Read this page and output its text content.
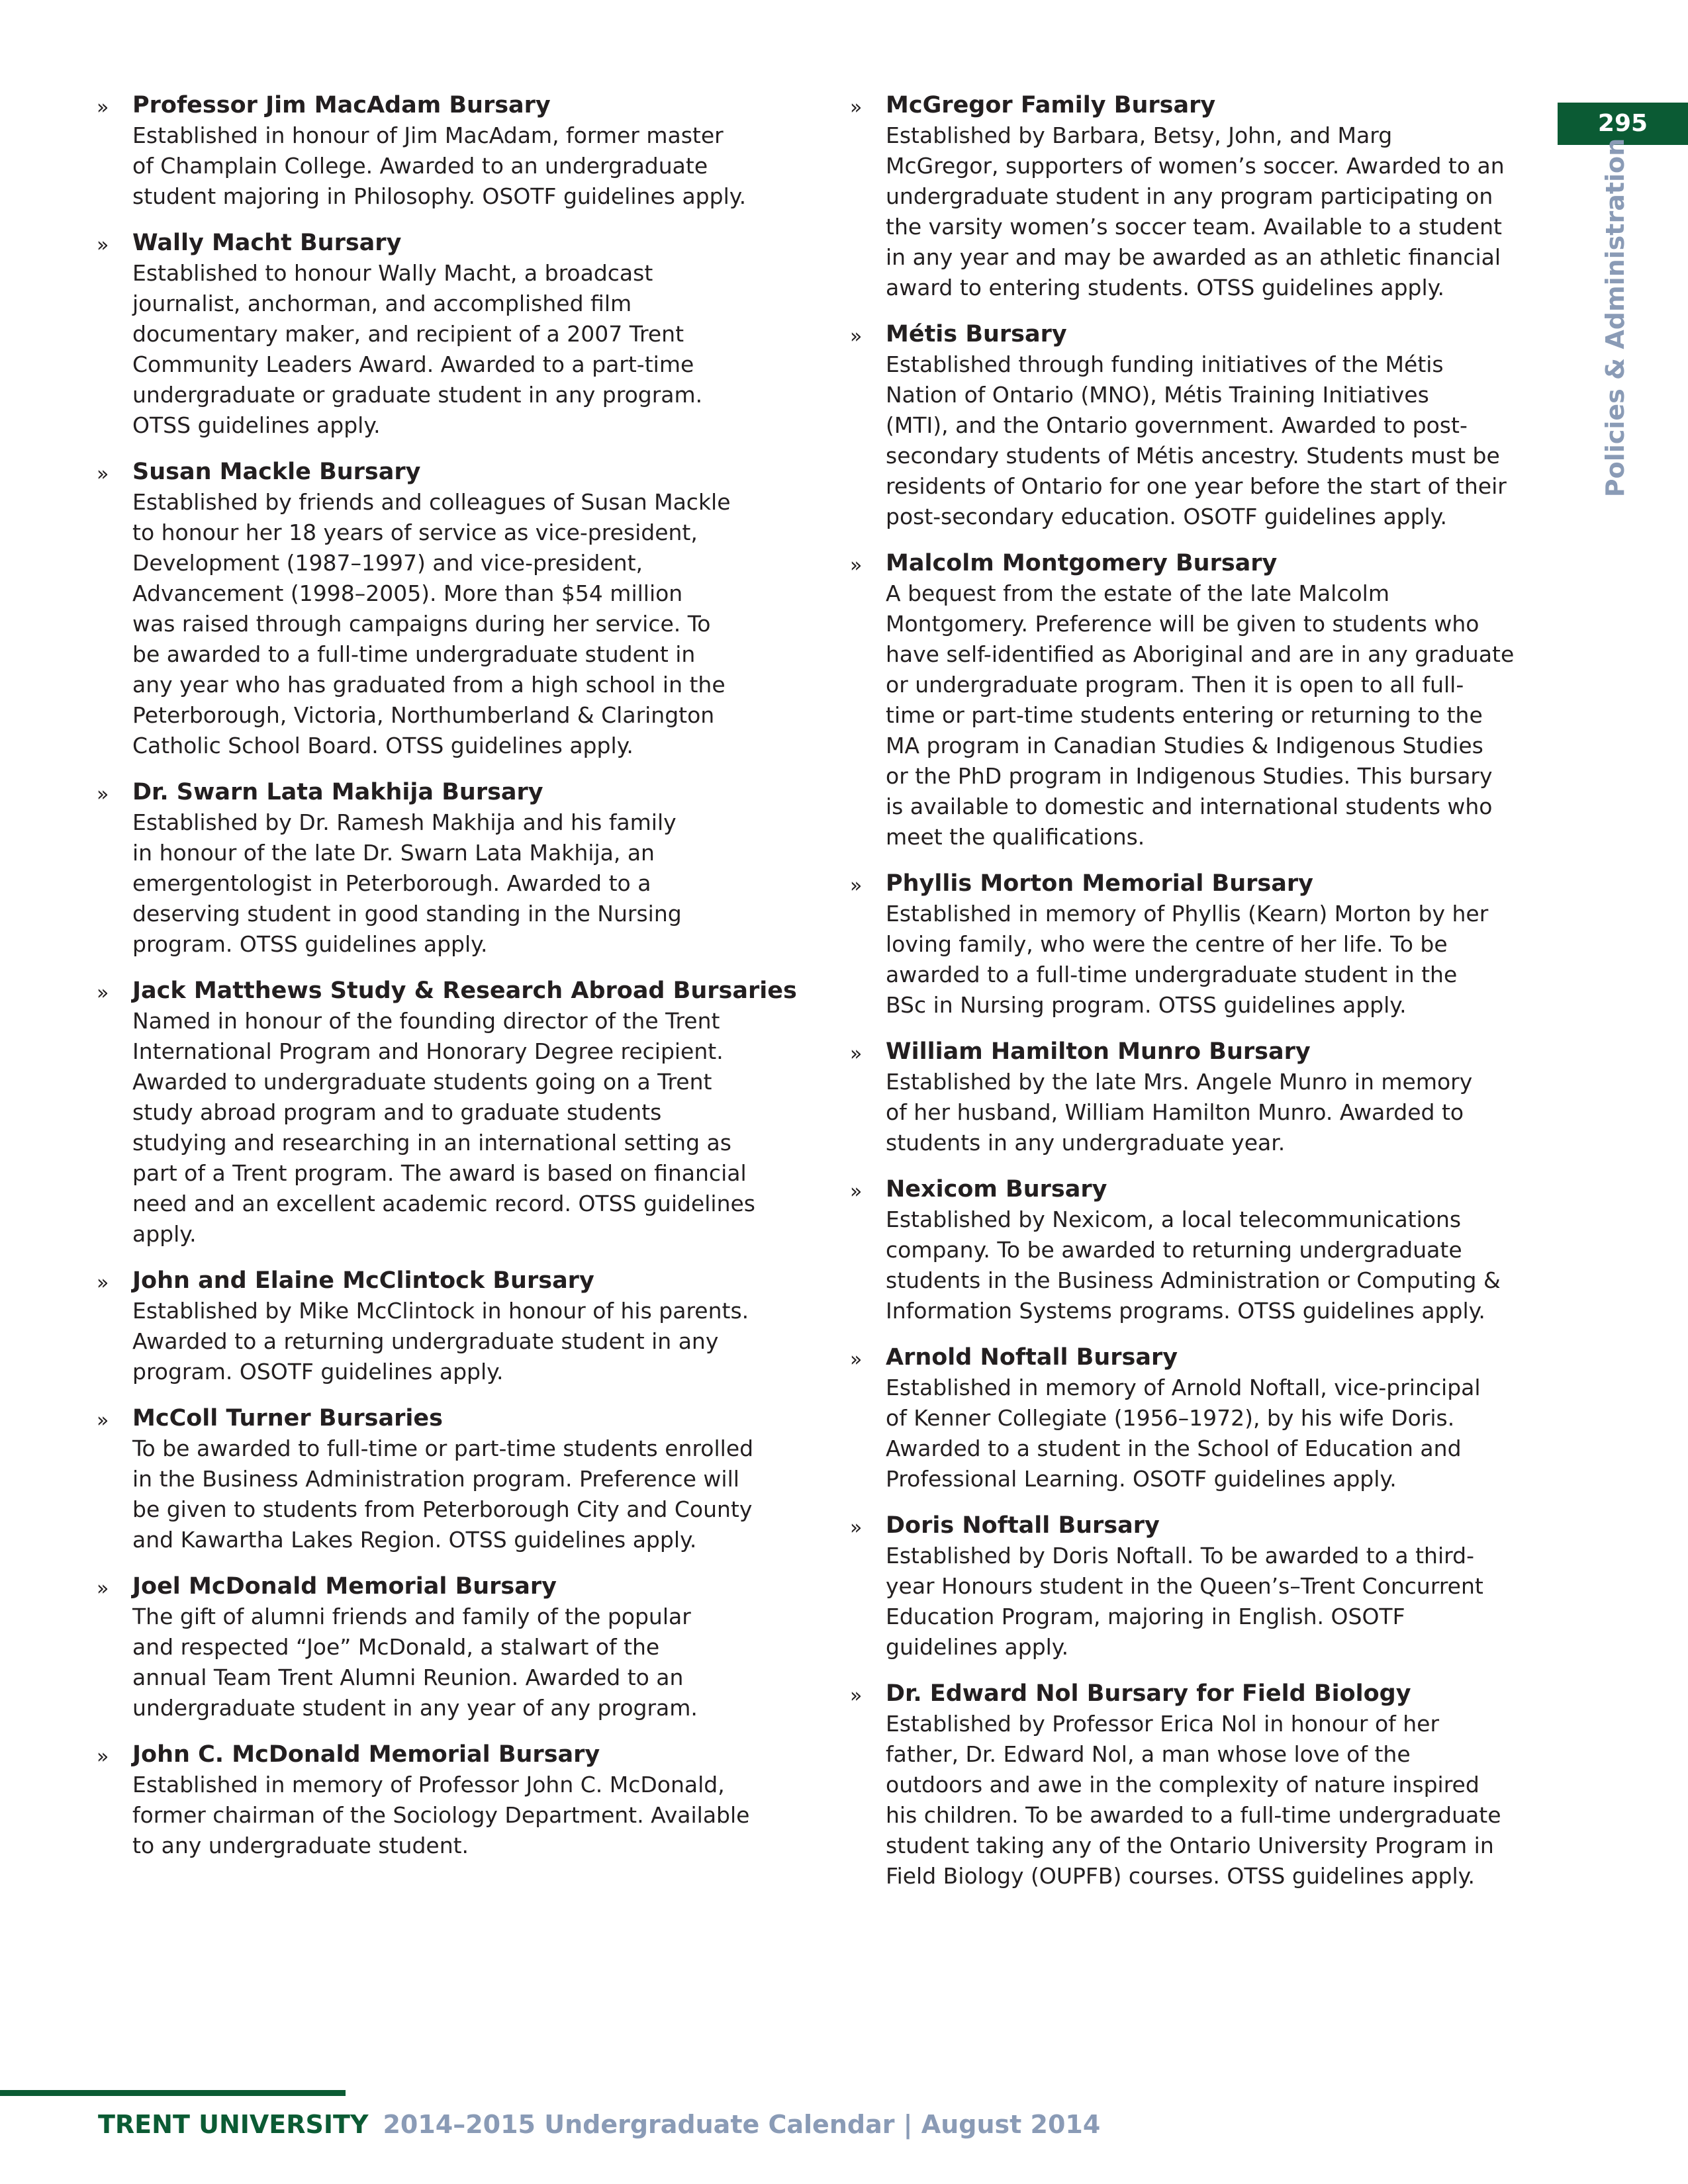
295
Policies & Administration
» Professor Jim MacAdam Bursary
Established in honour of Jim MacAdam, former master
of Champlain College. Awarded to an undergraduate
student majoring in Philosophy. OSOTF guidelines apply.
» Wally Macht Bursary
Established to honour Wally Macht, a broadcast
journalist, anchorman, and accomplished film
documentary maker, and recipient of a 2007 Trent
Community Leaders Award. Awarded to a part-time
undergraduate or graduate student in any program.
OTSS guidelines apply.
» Susan Mackle Bursary
Established by friends and colleagues of Susan Mackle
to honour her 18 years of service as vice-president,
Development (1987–1997) and vice-president,
Advancement (1998–2005). More than $54 million
was raised through campaigns during her service. To
be awarded to a full-time undergraduate student in
any year who has graduated from a high school in the
Peterborough, Victoria, Northumberland & Clarington
Catholic School Board. OTSS guidelines apply.
» Dr. Swarn Lata Makhija Bursary
Established by Dr. Ramesh Makhija and his family
in honour of the late Dr. Swarn Lata Makhija, an
emergentologist in Peterborough. Awarded to a
deserving student in good standing in the Nursing
program. OTSS guidelines apply.
» Jack Matthews Study & Research Abroad Bursaries
Named in honour of the founding director of the Trent
International Program and Honorary Degree recipient.
Awarded to undergraduate students going on a Trent
study abroad program and to graduate students
studying and researching in an international setting as
part of a Trent program. The award is based on financial
need and an excellent academic record. OTSS guidelines
apply.
» John and Elaine McClintock Bursary
Established by Mike McClintock in honour of his parents.
Awarded to a returning undergraduate student in any
program. OSOTF guidelines apply.
» McColl Turner Bursaries
To be awarded to full-time or part-time students enrolled
in the Business Administration program. Preference will
be given to students from Peterborough City and County
and Kawartha Lakes Region. OTSS guidelines apply.
» Joel McDonald Memorial Bursary
The gift of alumni friends and family of the popular
and respected “Joe” McDonald, a stalwart of the
annual Team Trent Alumni Reunion. Awarded to an
undergraduate student in any year of any program.
» John C. McDonald Memorial Bursary
Established in memory of Professor John C. McDonald,
former chairman of the Sociology Department. Available
to any undergraduate student.
» McGregor Family Bursary
Established by Barbara, Betsy, John, and Marg
McGregor, supporters of women’s soccer. Awarded to an
undergraduate student in any program participating on
the varsity women’s soccer team. Available to a student
in any year and may be awarded as an athletic financial
award to entering students. OTSS guidelines apply.
» Métis Bursary
Established through funding initiatives of the Métis
Nation of Ontario (MNO), Métis Training Initiatives
(MTI), and the Ontario government. Awarded to post-
secondary students of Métis ancestry. Students must be
residents of Ontario for one year before the start of their
post-secondary education. OSOTF guidelines apply.
» Malcolm Montgomery Bursary
A bequest from the estate of the late Malcolm
Montgomery. Preference will be given to students who
have self-identified as Aboriginal and are in any graduate
or undergraduate program. Then it is open to all full-
time or part-time students entering or returning to the
MA program in Canadian Studies & Indigenous Studies
or the PhD program in Indigenous Studies. This bursary
is available to domestic and international students who
meet the qualifications.
» Phyllis Morton Memorial Bursary
Established in memory of Phyllis (Kearn) Morton by her
loving family, who were the centre of her life. To be
awarded to a full-time undergraduate student in the
BSc in Nursing program. OTSS guidelines apply.
» William Hamilton Munro Bursary
Established by the late Mrs. Angele Munro in memory
of her husband, William Hamilton Munro. Awarded to
students in any undergraduate year.
» Nexicom Bursary
Established by Nexicom, a local telecommunications
company. To be awarded to returning undergraduate
students in the Business Administration or Computing &
Information Systems programs. OTSS guidelines apply.
» Arnold Noftall Bursary
Established in memory of Arnold Noftall, vice-principal
of Kenner Collegiate (1956–1972), by his wife Doris.
Awarded to a student in the School of Education and
Professional Learning. OSOTF guidelines apply.
» Doris Noftall Bursary
Established by Doris Noftall. To be awarded to a third-
year Honours student in the Queen’s–Trent Concurrent
Education Program, majoring in English. OSOTF
guidelines apply.
» Dr. Edward Nol Bursary for Field Biology
Established by Professor Erica Nol in honour of her
father, Dr. Edward Nol, a man whose love of the
outdoors and awe in the complexity of nature inspired
his children. To be awarded to a full-time undergraduate
student taking any of the Ontario University Program in
Field Biology (OUPFB) courses. OTSS guidelines apply.
TRENT UNIVERSITY 2014–2015 Undergraduate Calendar | August 2014
